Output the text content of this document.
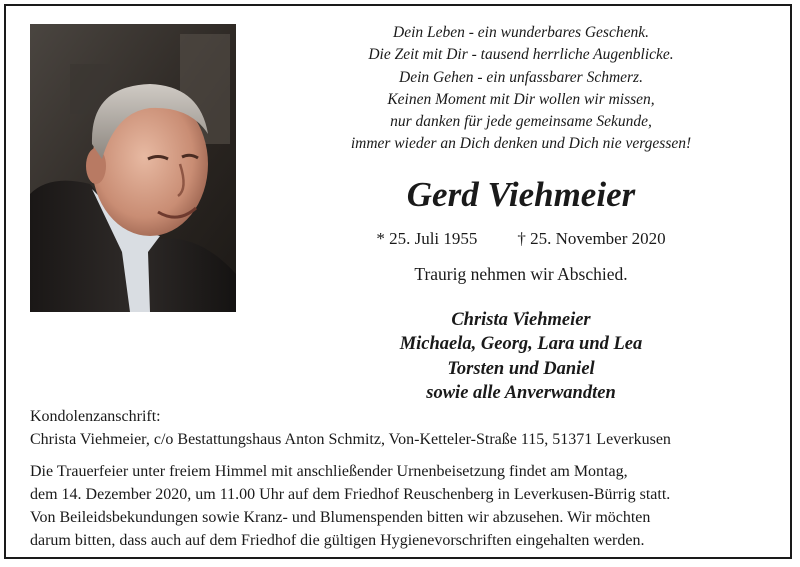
Dein Leben - ein wunderbares Geschenk.
Die Zeit mit Dir - tausend herrliche Augenblicke.
Dein Gehen - ein unfassbarer Schmerz.
Keinen Moment mit Dir wollen wir missen,
nur danken für jede gemeinsame Sekunde,
immer wieder an Dich denken und Dich nie vergessen!
Gerd Viehmeier
* 25. Juli 1955 † 25. November 2020
Traurig nehmen wir Abschied.
Christa Viehmeier
Michaela, Georg, Lara und Lea
Torsten und Daniel
sowie alle Anverwandten
Kondolenzanschrift:
Christa Viehmeier, c/o Bestattungshaus Anton Schmitz, Von-Ketteler-Straße 115, 51371 Leverkusen
Die Trauerfeier unter freiem Himmel mit anschließender Urnenbeisetzung findet am Montag,
dem 14. Dezember 2020, um 11.00 Uhr auf dem Friedhof Reuschenberg in Leverkusen-Bürrig statt.
Von Beileidsbekundungen sowie Kranz- und Blumenspenden bitten wir abzusehen. Wir möchten
darum bitten, dass auch auf dem Friedhof die gültigen Hygienevorschriften eingehalten werden.
